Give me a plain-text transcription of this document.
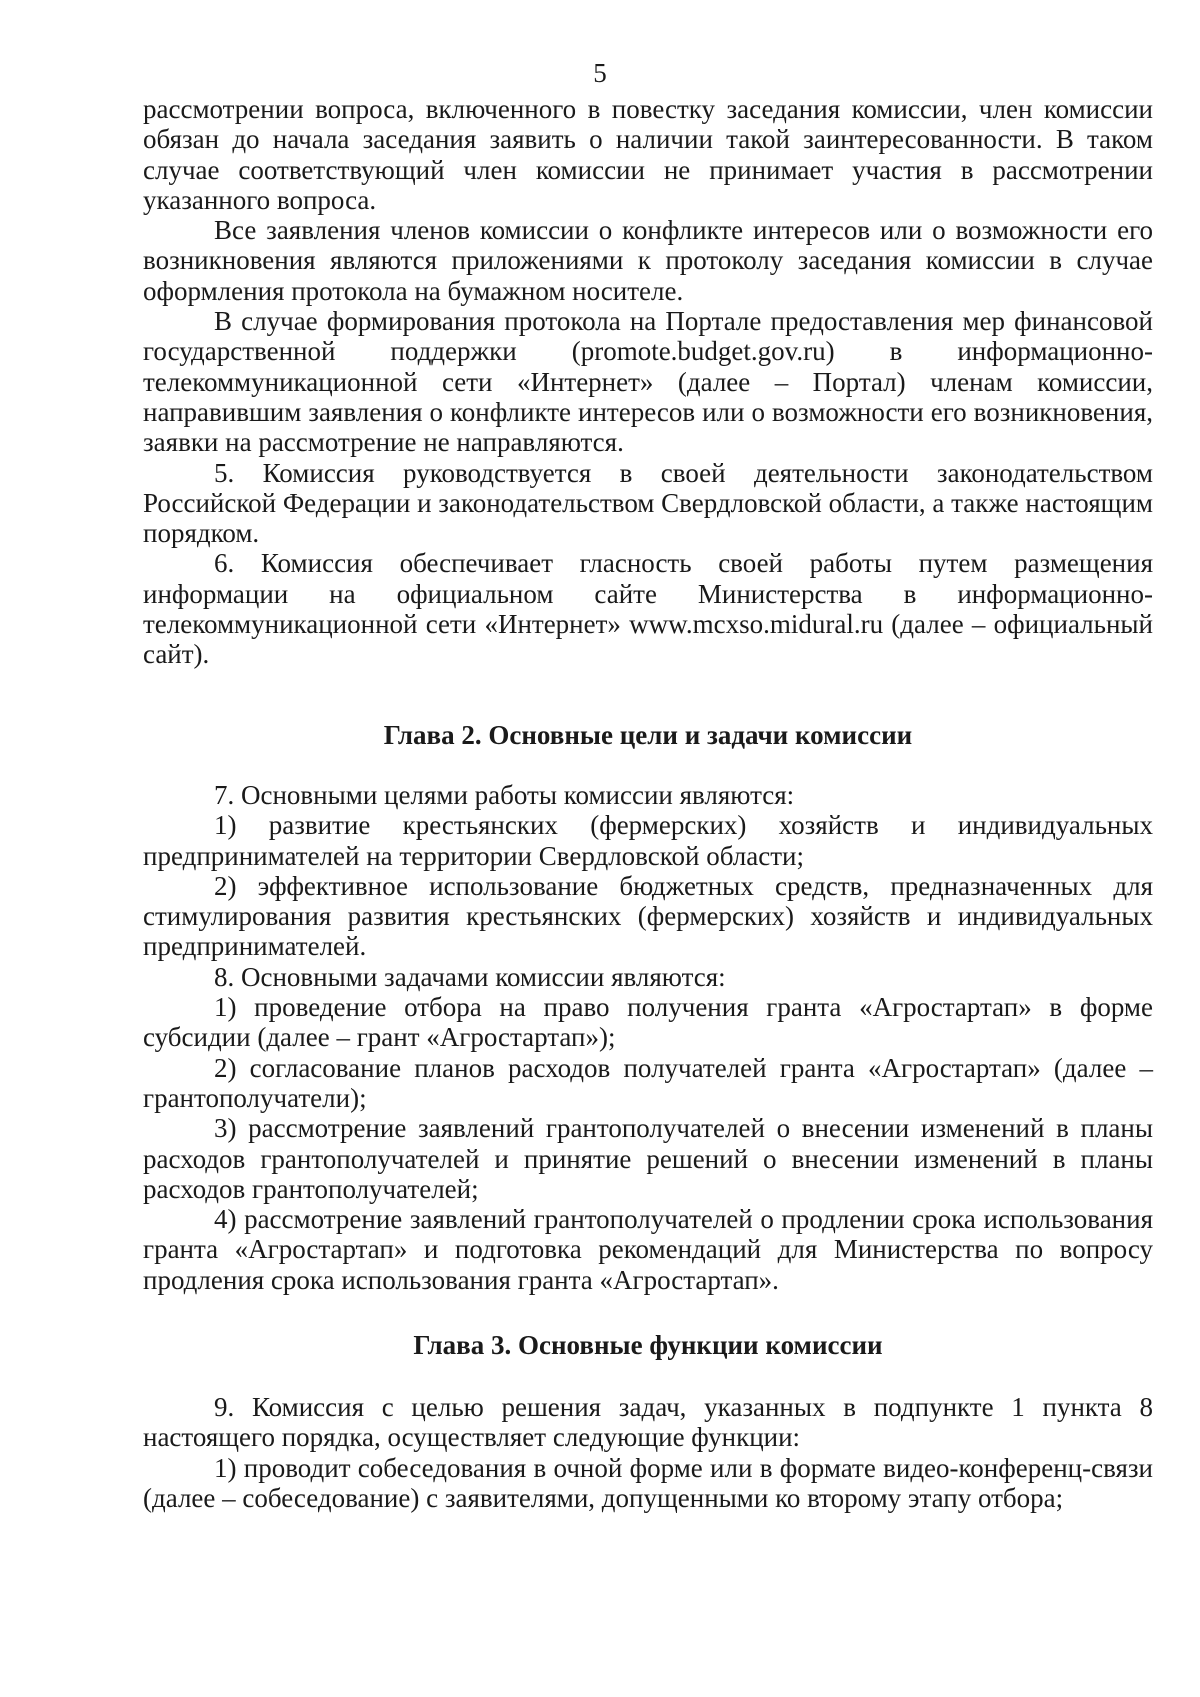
5

рассмотрении вопроса, включенного в повестку заседания комиссии, член комиссии обязан до начала заседания заявить о наличии такой заинтересованности. В таком случае соответствующий член комиссии не принимает участия в рассмотрении указанного вопроса.

Все заявления членов комиссии о конфликте интересов или о возможности его возникновения являются приложениями к протоколу заседания комиссии в случае оформления протокола на бумажном носителе.

В случае формирования протокола на Портале предоставления мер финансовой государственной поддержки (promote.budget.gov.ru) в информационно-телекоммуникационной сети «Интернет» (далее – Портал) членам комиссии, направившим заявления о конфликте интересов или о возможности его возникновения, заявки на рассмотрение не направляются.

5. Комиссия руководствуется в своей деятельности законодательством Российской Федерации и законодательством Свердловской области, а также настоящим порядком.

6. Комиссия обеспечивает гласность своей работы путем размещения информации на официальном сайте Министерства в информационно-телекоммуникационной сети «Интернет» www.mcxso.midural.ru (далее – официальный сайт).

Глава 2. Основные цели и задачи комиссии

7. Основными целями работы комиссии являются:

1) развитие крестьянских (фермерских) хозяйств и индивидуальных предпринимателей на территории Свердловской области;

2) эффективное использование бюджетных средств, предназначенных для стимулирования развития крестьянских (фермерских) хозяйств и индивидуальных предпринимателей.

8. Основными задачами комиссии являются:

1) проведение отбора на право получения гранта «Агростартап» в форме субсидии (далее – грант «Агростартап»);

2) согласование планов расходов получателей гранта «Агростартап» (далее – грантополучатели);

3) рассмотрение заявлений грантополучателей о внесении изменений в планы расходов грантополучателей и принятие решений о внесении изменений в планы расходов грантополучателей;

4) рассмотрение заявлений грантополучателей о продлении срока использования гранта «Агростартап» и подготовка рекомендаций для Министерства по вопросу продления срока использования гранта «Агростартап».

Глава 3. Основные функции комиссии

9. Комиссия с целью решения задач, указанных в подпункте 1 пункта 8 настоящего порядка, осуществляет следующие функции:

1) проводит собеседования в очной форме или в формате видео-конференц-связи (далее – собеседование) с заявителями, допущенными ко второму этапу отбора;
